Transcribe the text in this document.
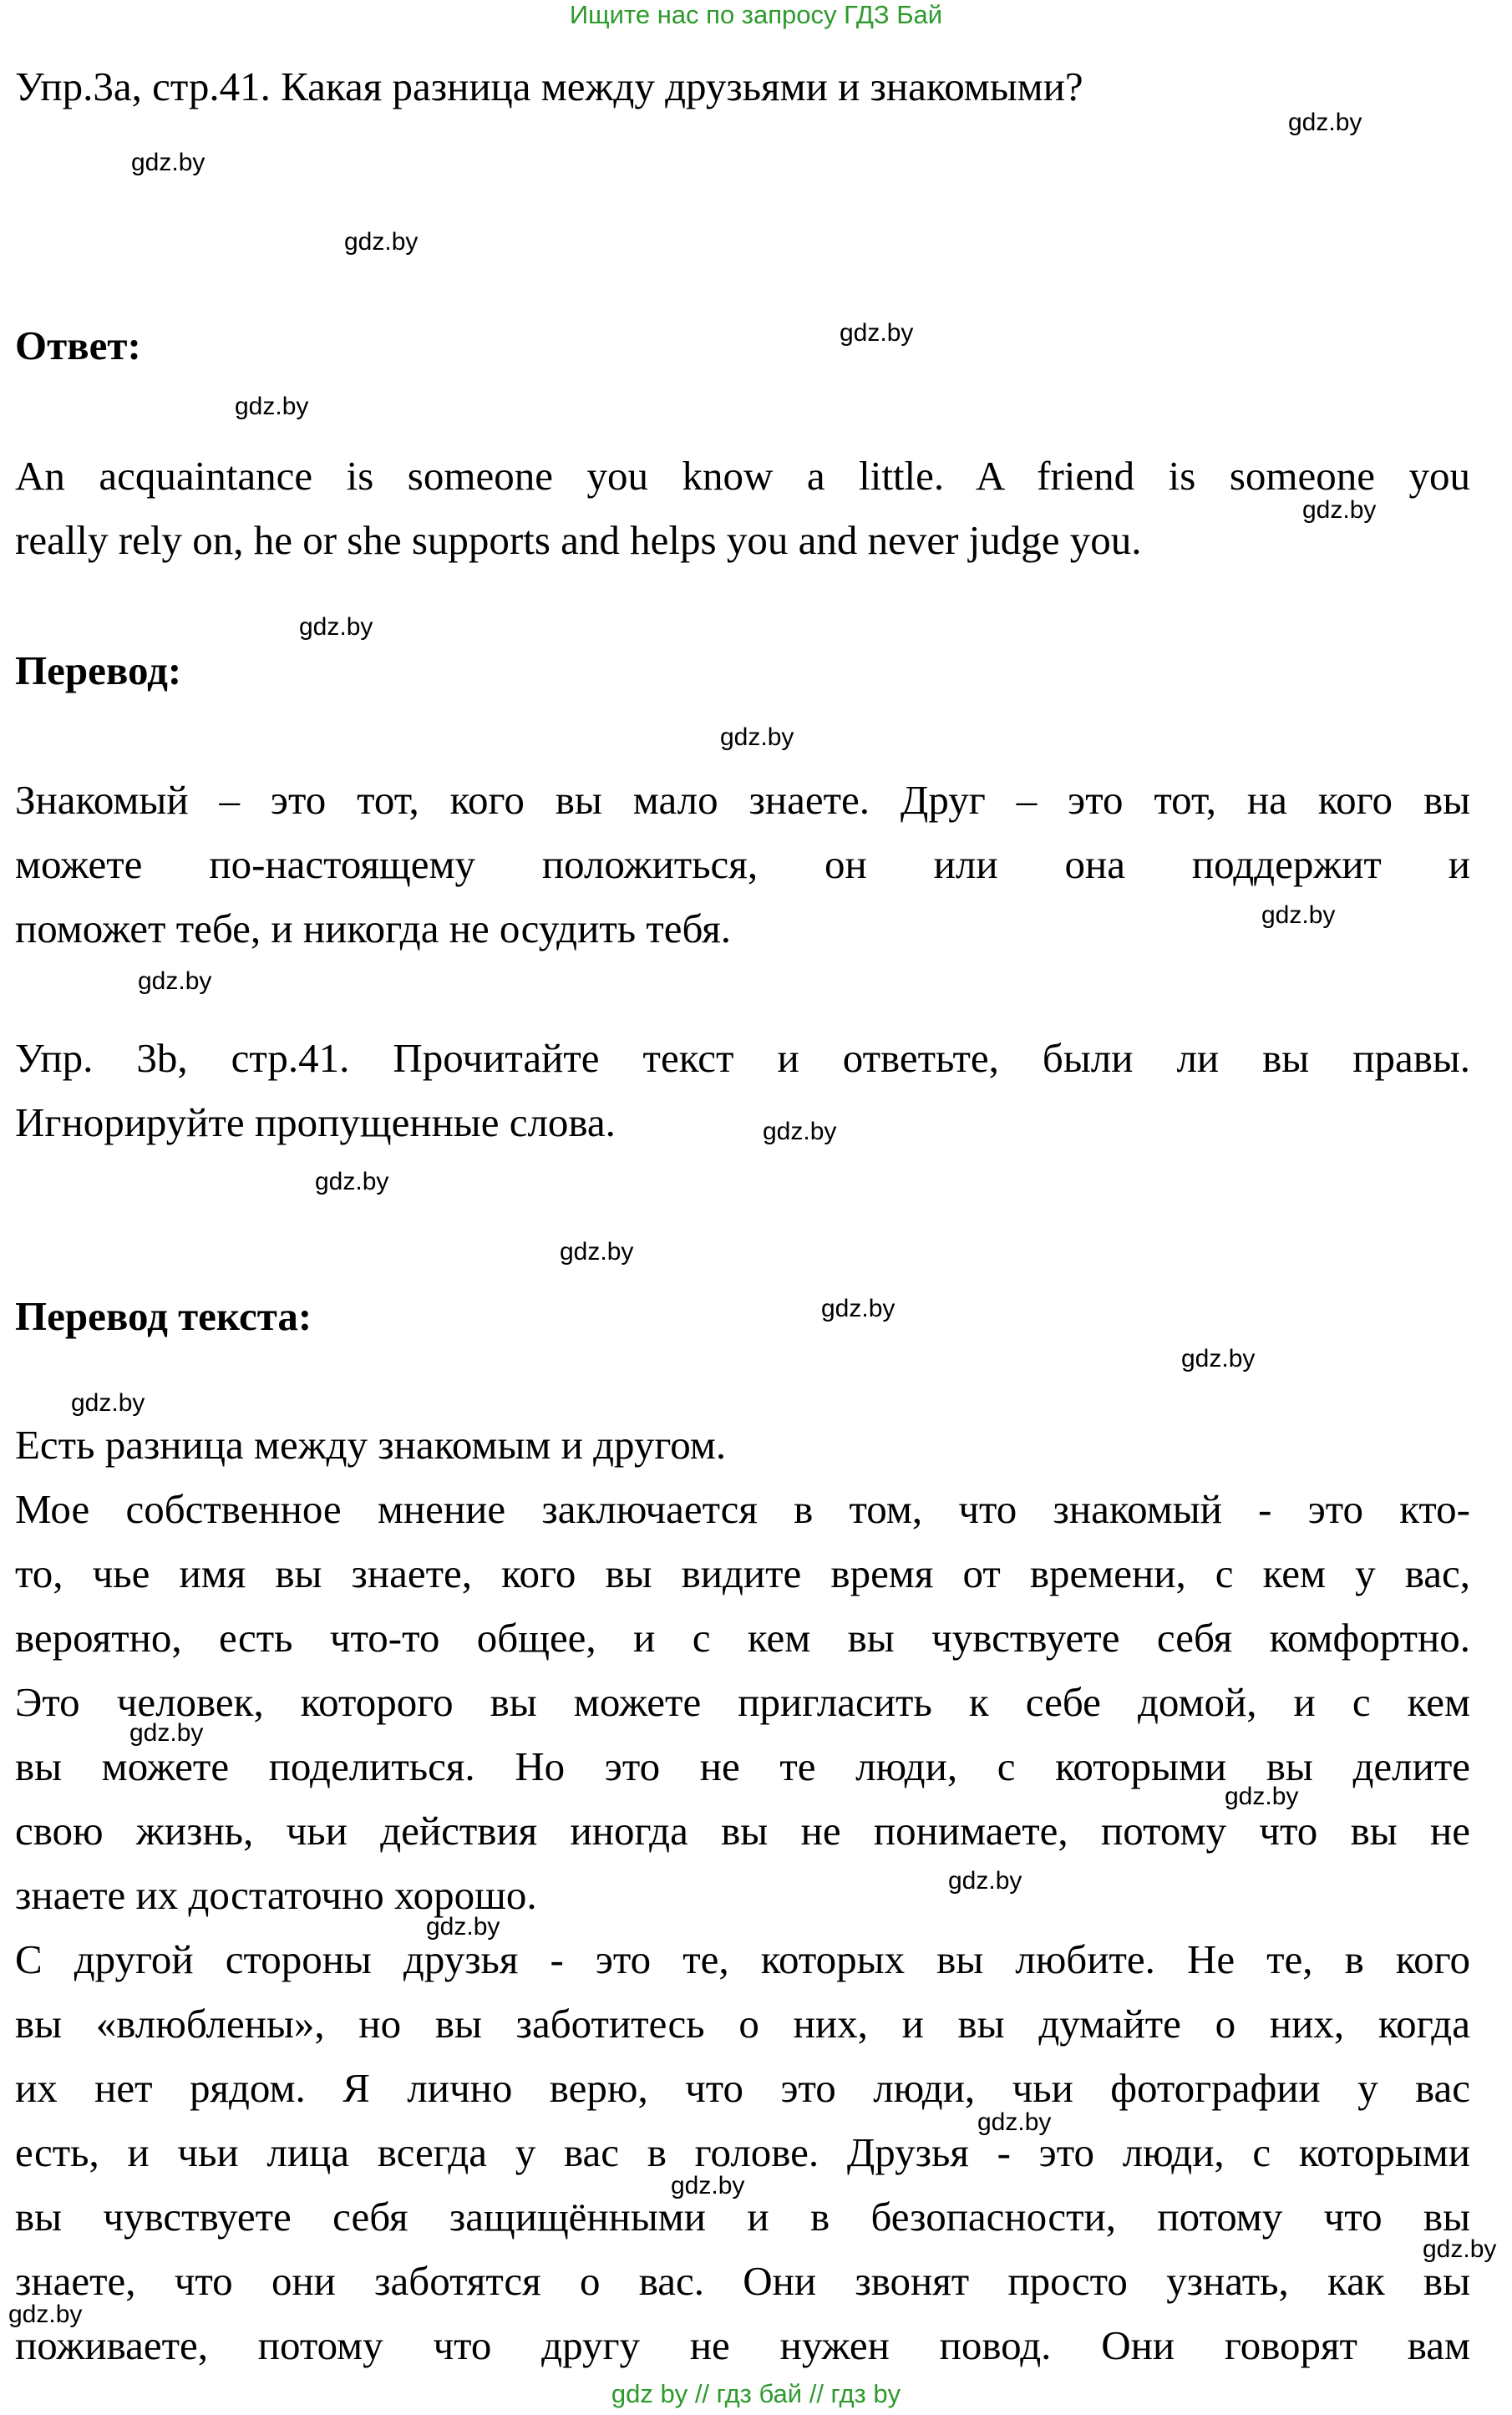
Ищите нас по запросу ГДЗ Бай
Упр.3а, стр.41. Какая разница между друзьями и знакомыми?
Ответ:
An acquaintance is someone you know a little. A friend is someone you
really rely on, he or she supports and helps you and never judge you.
Перевод:
Знакомый – это тот, кого вы мало знаете. Друг – это тот, на кого вы
можете по-настоящему положиться, он или она поддержит и
поможет тебе, и никогда не осудить тебя.
Упр. 3b, стр.41. Прочитайте текст и ответьте, были ли вы правы.
Игнорируйте пропущенные слова.
Перевод текста:
Есть разница между знакомым и другом.
Мое собственное мнение заключается в том, что знакомый - это кто-
то, чье имя вы знаете, кого вы видите время от времени, с кем у вас,
вероятно, есть что-то общее, и с кем вы чувствуете себя комфортно.
Это человек, которого вы можете пригласить к себе домой, и с кем
вы можете поделиться. Но это не те люди, с которыми вы делите
свою жизнь, чьи действия иногда вы не понимаете, потому что вы не
знаете их достаточно хорошо.
С другой стороны друзья - это те, которых вы любите. Не те, в кого
вы «влюблены», но вы заботитесь о них, и вы думайте о них, когда
их нет рядом. Я лично верю, что это люди, чьи фотографии у вас
есть, и чьи лица всегда у вас в голове. Друзья - это люди, с которыми
вы чувствуете себя защищёнными и в безопасности, потому что вы
знаете, что они заботятся о вас. Они звонят просто узнать, как вы
поживаете, потому что другу не нужен повод. Они говорят вам
gdz.by
gdz.by
gdz.by
gdz.by
gdz.by
gdz.by
gdz.by
gdz.by
gdz.by
gdz.by
gdz.by
gdz.by
gdz.by
gdz.by
gdz.by
gdz.by
gdz.by
gdz.by
gdz.by
gdz.by
gdz.by
gdz.by
gdz.by
gdz.by
gdz by // гдз бай // гдз by
